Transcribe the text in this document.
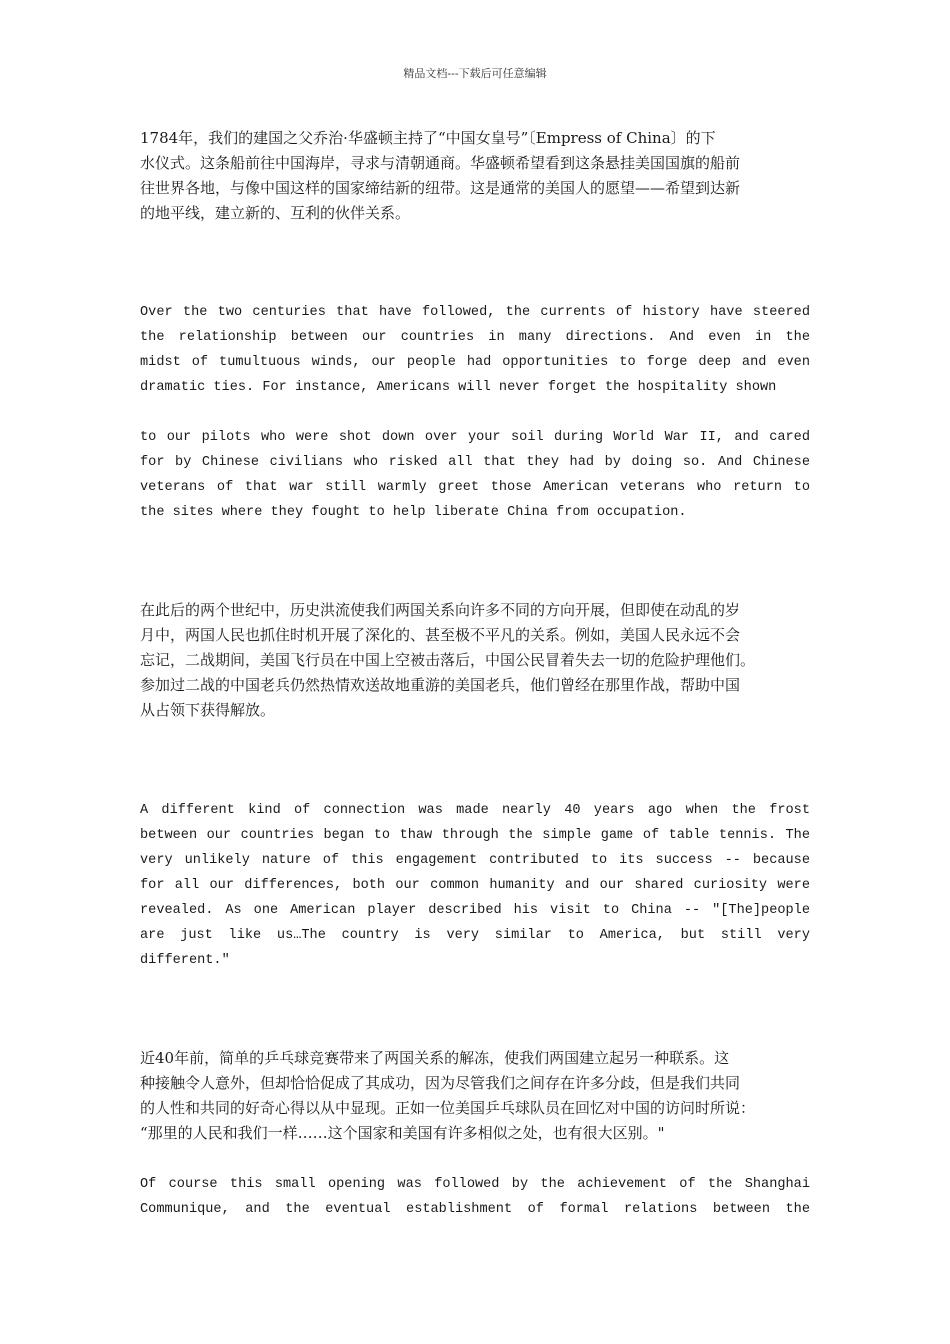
精品文档---下载后可任意编辑
1784年，我们的建国之父乔治·华盛顿主持了“中国女皇号”〔Empress of China〕的下
水仪式。这条船前往中国海岸，寻求与清朝通商。华盛顿希望看到这条悬挂美国国旗的船前
往世界各地，与像中国这样的国家缔结新的纽带。这是通常的美国人的愿望——希望到达新
的地平线，建立新的、互利的伙伴关系。
Over the two centuries that have followed, the currents of history have steered
the relationship between our countries in many directions. And even in the
midst of tumultuous winds, our people had opportunities to forge deep and even
dramatic ties. For instance, Americans will never forget the hospitality shown
to our pilots who were shot down over your soil during World War II, and cared
for by Chinese civilians who risked all that they had by doing so. And Chinese
veterans of that war still warmly greet those American veterans who return to
the sites where they fought to help liberate China from occupation.
在此后的两个世纪中，历史洪流使我们两国关系向许多不同的方向开展，但即使在动乱的岁
月中，两国人民也抓住时机开展了深化的、甚至极不平凡的关系。例如，美国人民永远不会
忘记，二战期间，美国飞行员在中国上空被击落后，中国公民冒着失去一切的危险护理他们。
参加过二战的中国老兵仍然热情欢送故地重游的美国老兵，他们曾经在那里作战，帮助中国
从占领下获得解放。
A different kind of connection was made nearly 40 years ago when the frost
between our countries began to thaw through the simple game of table tennis. The
very unlikely nature of this engagement contributed to its success -- because
for all our differences, both our common humanity and our shared curiosity were
revealed. As one American player described his visit to China -- "[The]people
are just like us…The country is very similar to America, but still very
different."
近40年前，简单的乒乓球竞赛带来了两国关系的解冻，使我们两国建立起另一种联系。这
种接触令人意外，但却恰恰促成了其成功，因为尽管我们之间存在许多分歧，但是我们共同
的人性和共同的好奇心得以从中显现。正如一位美国乒乓球队员在回忆对中国的访问时所说：
“那里的人民和我们一样……这个国家和美国有许多相似之处，也有很大区别。"
Of course this small opening was followed by the achievement of the Shanghai
Communique, and the eventual establishment of formal relations between the
